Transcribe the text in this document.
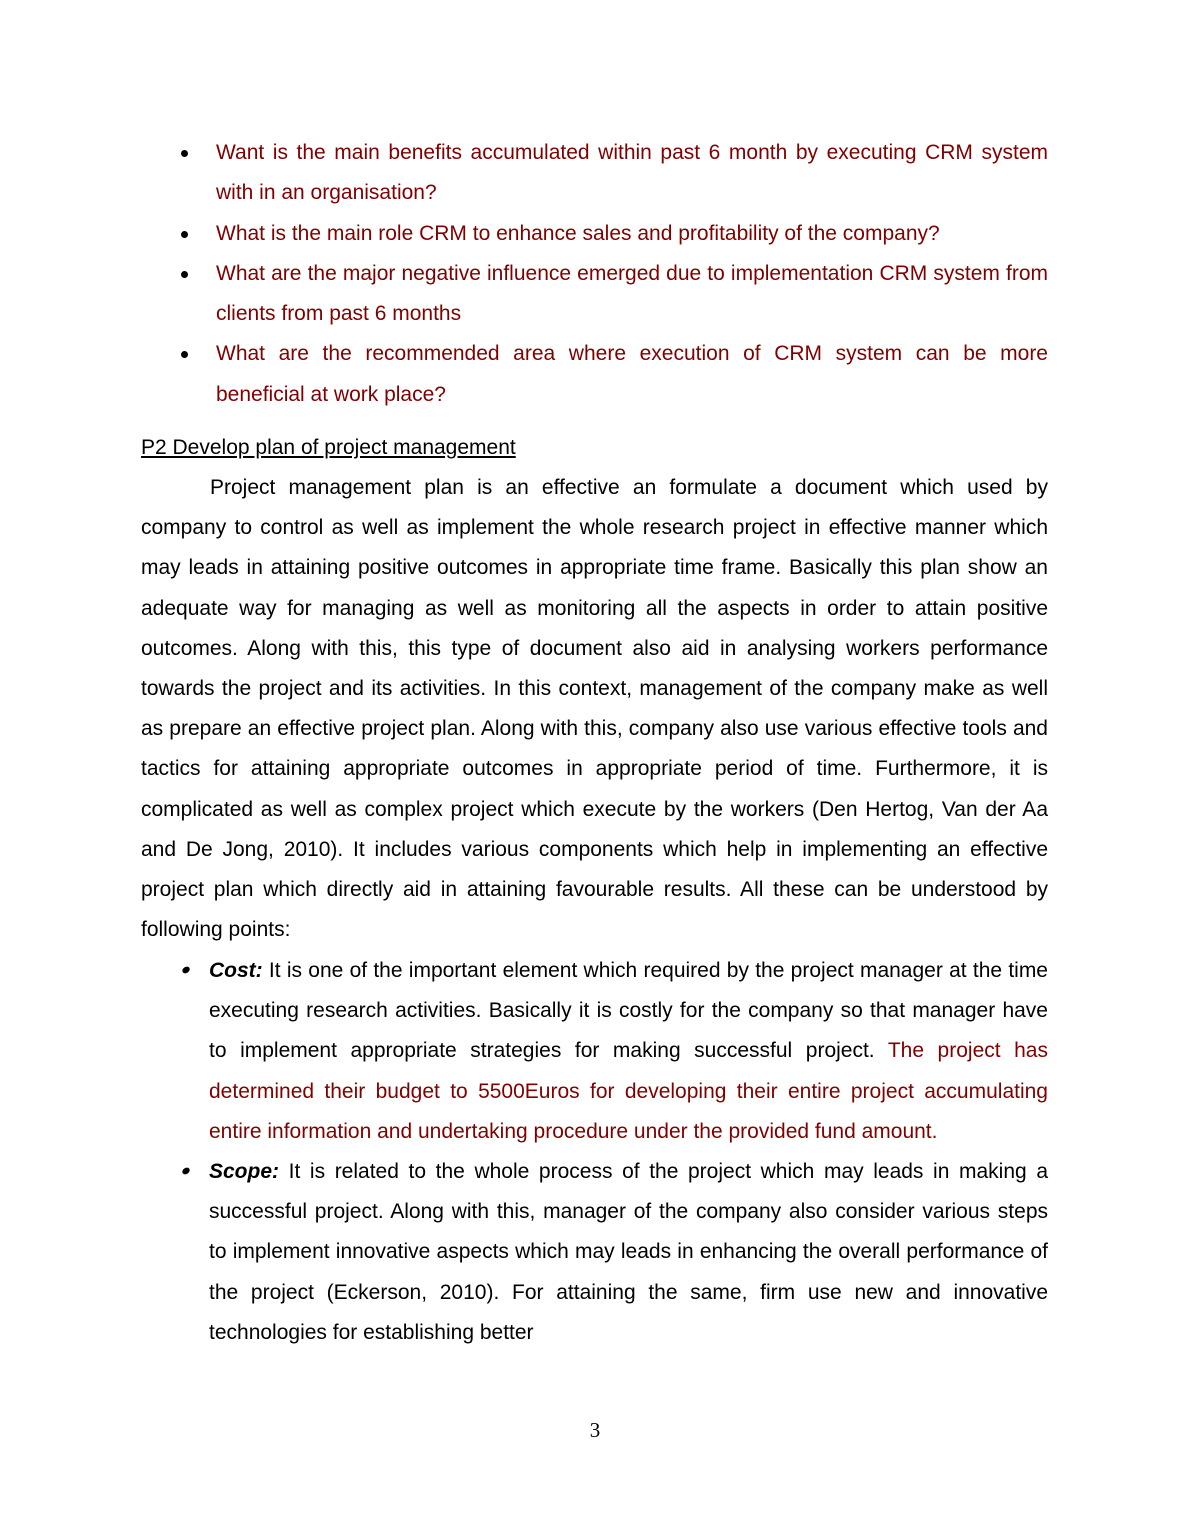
Want is the main benefits accumulated within past 6 month by executing CRM system with in an organisation?
What is the main role CRM to enhance sales and profitability of the company?
What are the major negative influence emerged due to implementation CRM system from clients from past 6 months
What are the recommended area where execution of CRM system can be more beneficial at work place?
P2 Develop plan of project management

Project management plan is an effective an formulate a document which used by company to control as well as implement the whole research project in effective manner which may leads in attaining positive outcomes in appropriate time frame. Basically this plan show an adequate way for managing as well as monitoring all the aspects in order to attain positive outcomes. Along with this, this type of document also aid in analysing workers performance towards the project and its activities. In this context, management of the company make as well as prepare an effective project plan. Along with this, company also use various effective tools and tactics for attaining appropriate outcomes in appropriate period of time. Furthermore, it is complicated as well as complex project which execute by the workers (Den Hertog, Van der Aa and De Jong, 2010). It includes various components which help in implementing an effective project plan which directly aid in attaining favourable results. All these can be understood by following points:

Cost: It is one of the important element which required by the project manager at the time executing research activities. Basically it is costly for the company so that manager have to implement appropriate strategies for making successful project. The project has determined their budget to 5500Euros for developing their entire project accumulating entire information and undertaking procedure under the provided fund amount.
Scope: It is related to the whole process of the project which may leads in making a successful project. Along with this, manager of the company also consider various steps to implement innovative aspects which may leads in enhancing the overall performance of the project (Eckerson, 2010). For attaining the same, firm use new and innovative technologies for establishing better
3
